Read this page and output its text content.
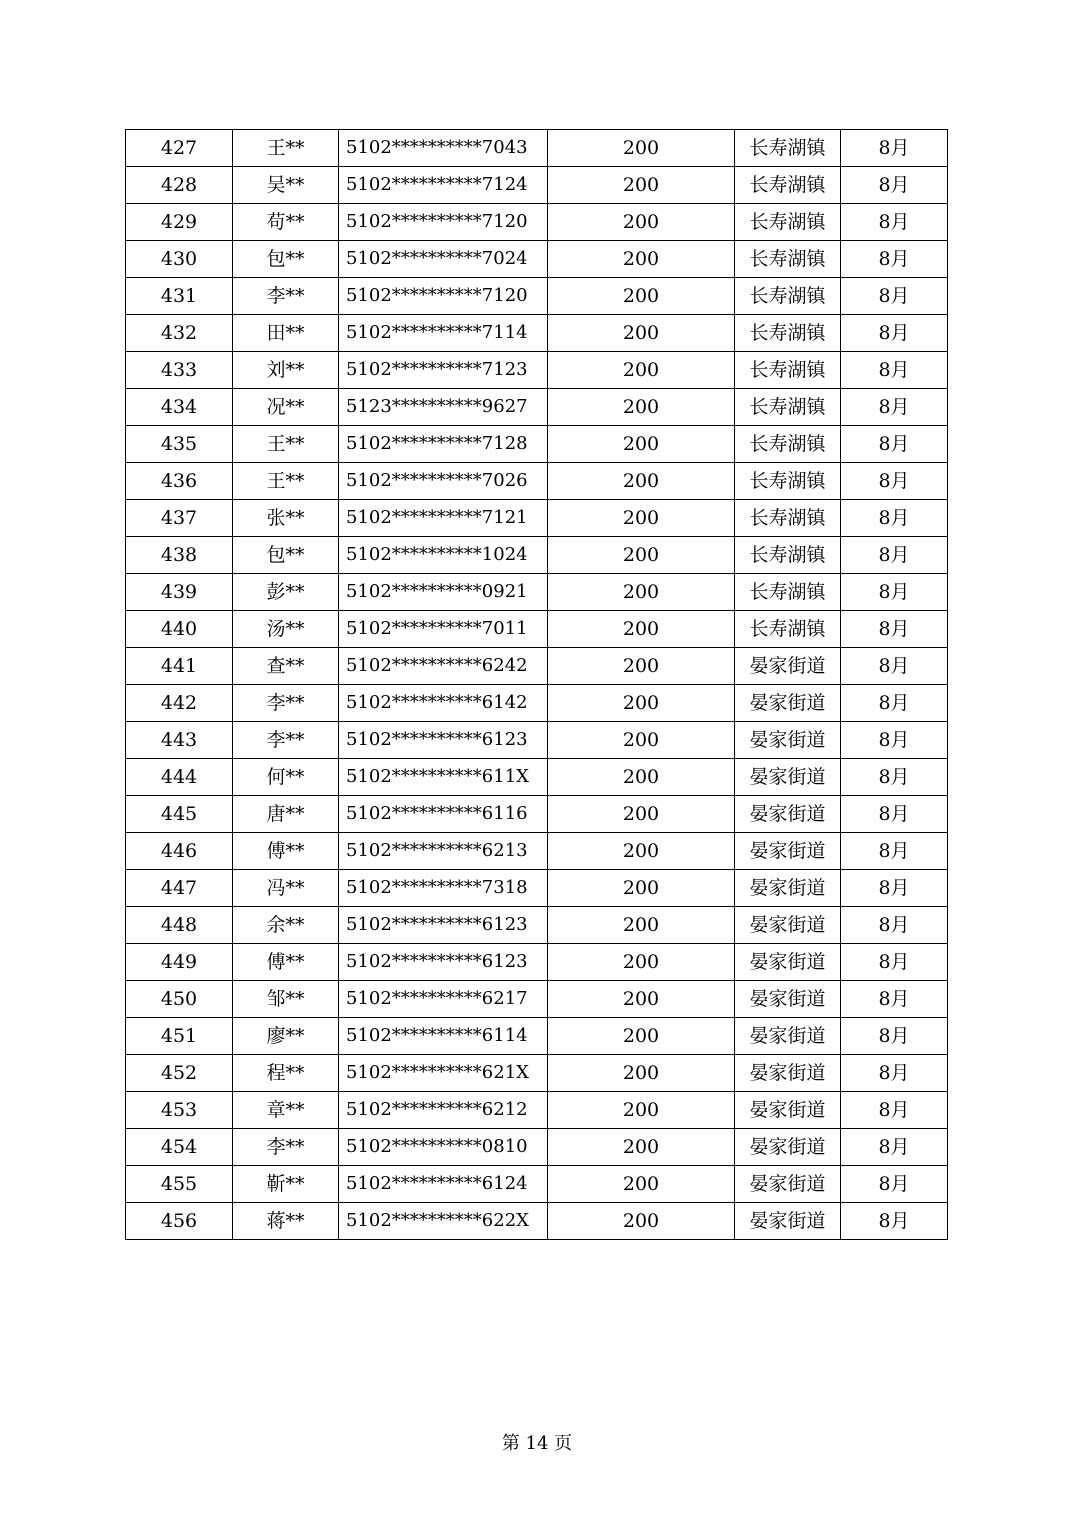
427	王**	5102**********7043	200	长寿湖镇	8月
428	吴**	5102**********7124	200	长寿湖镇	8月
429	苟**	5102**********7120	200	长寿湖镇	8月
430	包**	5102**********7024	200	长寿湖镇	8月
431	李**	5102**********7120	200	长寿湖镇	8月
432	田**	5102**********7114	200	长寿湖镇	8月
433	刘**	5102**********7123	200	长寿湖镇	8月
434	况**	5123**********9627	200	长寿湖镇	8月
435	王**	5102**********7128	200	长寿湖镇	8月
436	王**	5102**********7026	200	长寿湖镇	8月
437	张**	5102**********7121	200	长寿湖镇	8月
438	包**	5102**********1024	200	长寿湖镇	8月
439	彭**	5102**********0921	200	长寿湖镇	8月
440	汤**	5102**********7011	200	长寿湖镇	8月
441	查**	5102**********6242	200	晏家街道	8月
442	李**	5102**********6142	200	晏家街道	8月
443	李**	5102**********6123	200	晏家街道	8月
444	何**	5102**********611X	200	晏家街道	8月
445	唐**	5102**********6116	200	晏家街道	8月
446	傅**	5102**********6213	200	晏家街道	8月
447	冯**	5102**********7318	200	晏家街道	8月
448	余**	5102**********6123	200	晏家街道	8月
449	傅**	5102**********6123	200	晏家街道	8月
450	邹**	5102**********6217	200	晏家街道	8月
451	廖**	5102**********6114	200	晏家街道	8月
452	程**	5102**********621X	200	晏家街道	8月
453	章**	5102**********6212	200	晏家街道	8月
454	李**	5102**********0810	200	晏家街道	8月
455	靳**	5102**********6124	200	晏家街道	8月
456	蒋**	5102**********622X	200	晏家街道	8月
第 14 页
